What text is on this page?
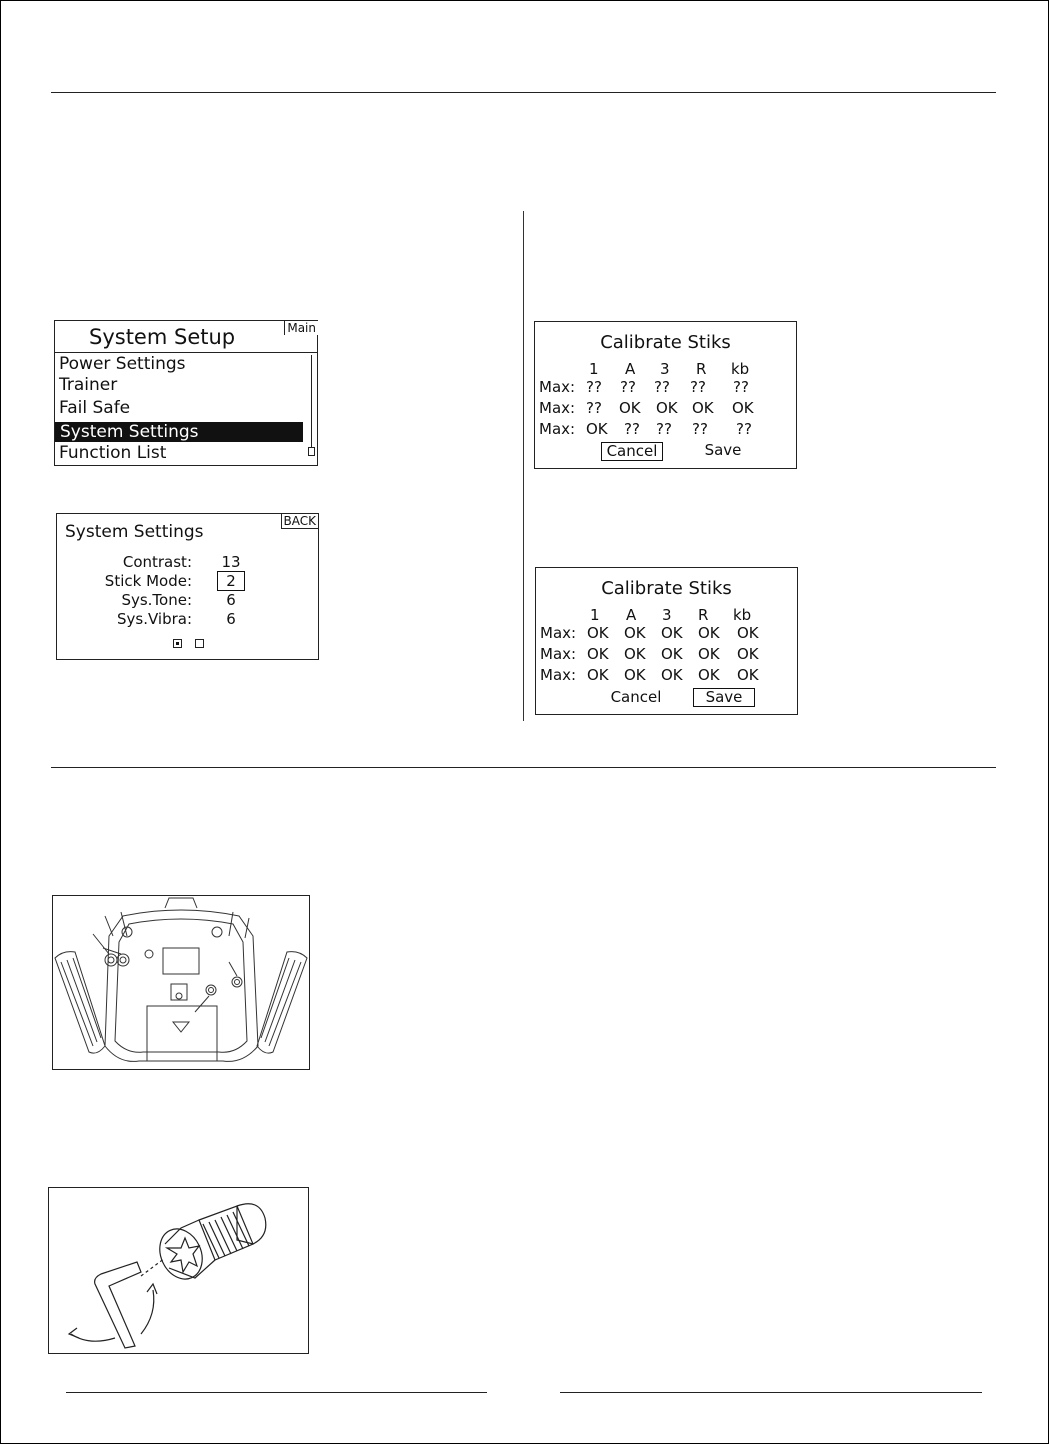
System Setup	Main
Power Settings
Trainer
Fail Safe
System Settings
Function List
System Settings
BACK
Contrast: 13
Stick Mode:	2
Sys.Tone:	6
Sys.Vibra:	6
Calibrate Stiks
1 A 3 R kb
Max: ?? ?? ?? ?? ??
Max: ?? OK OK OK OK
Max: OK ?? ?? ?? ??
Cancel	Save
Calibrate Stiks
1 A 3 R kb
Max: OK OK OK OK OK
Max: OK OK OK OK OK
Max: OK OK OK OK OK
Cancel	Save
